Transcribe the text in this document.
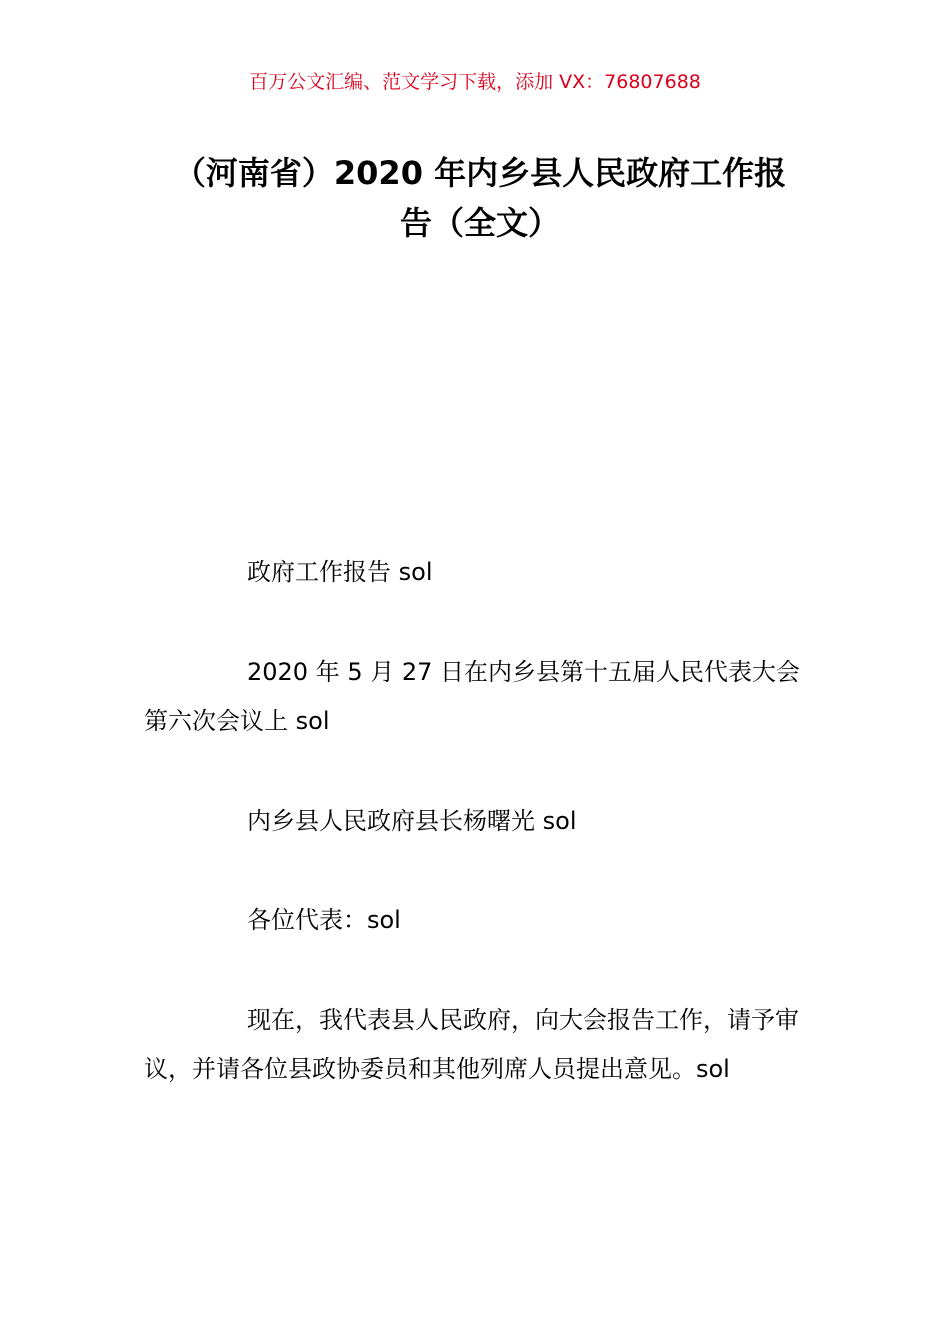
百万公文汇编、范文学习下载，添加 VX：76807688
（河南省）2020 年内乡县人民政府工作报
告（全文）

政府工作报告 sol

2020 年 5 月 27 日在内乡县第十五届人民代表大会第六次会议上 sol

内乡县人民政府县长杨曙光 sol

各位代表：sol

现在，我代表县人民政府，向大会报告工作，请予审议，并请各位县政协委员和其他列席人员提出意见。sol
